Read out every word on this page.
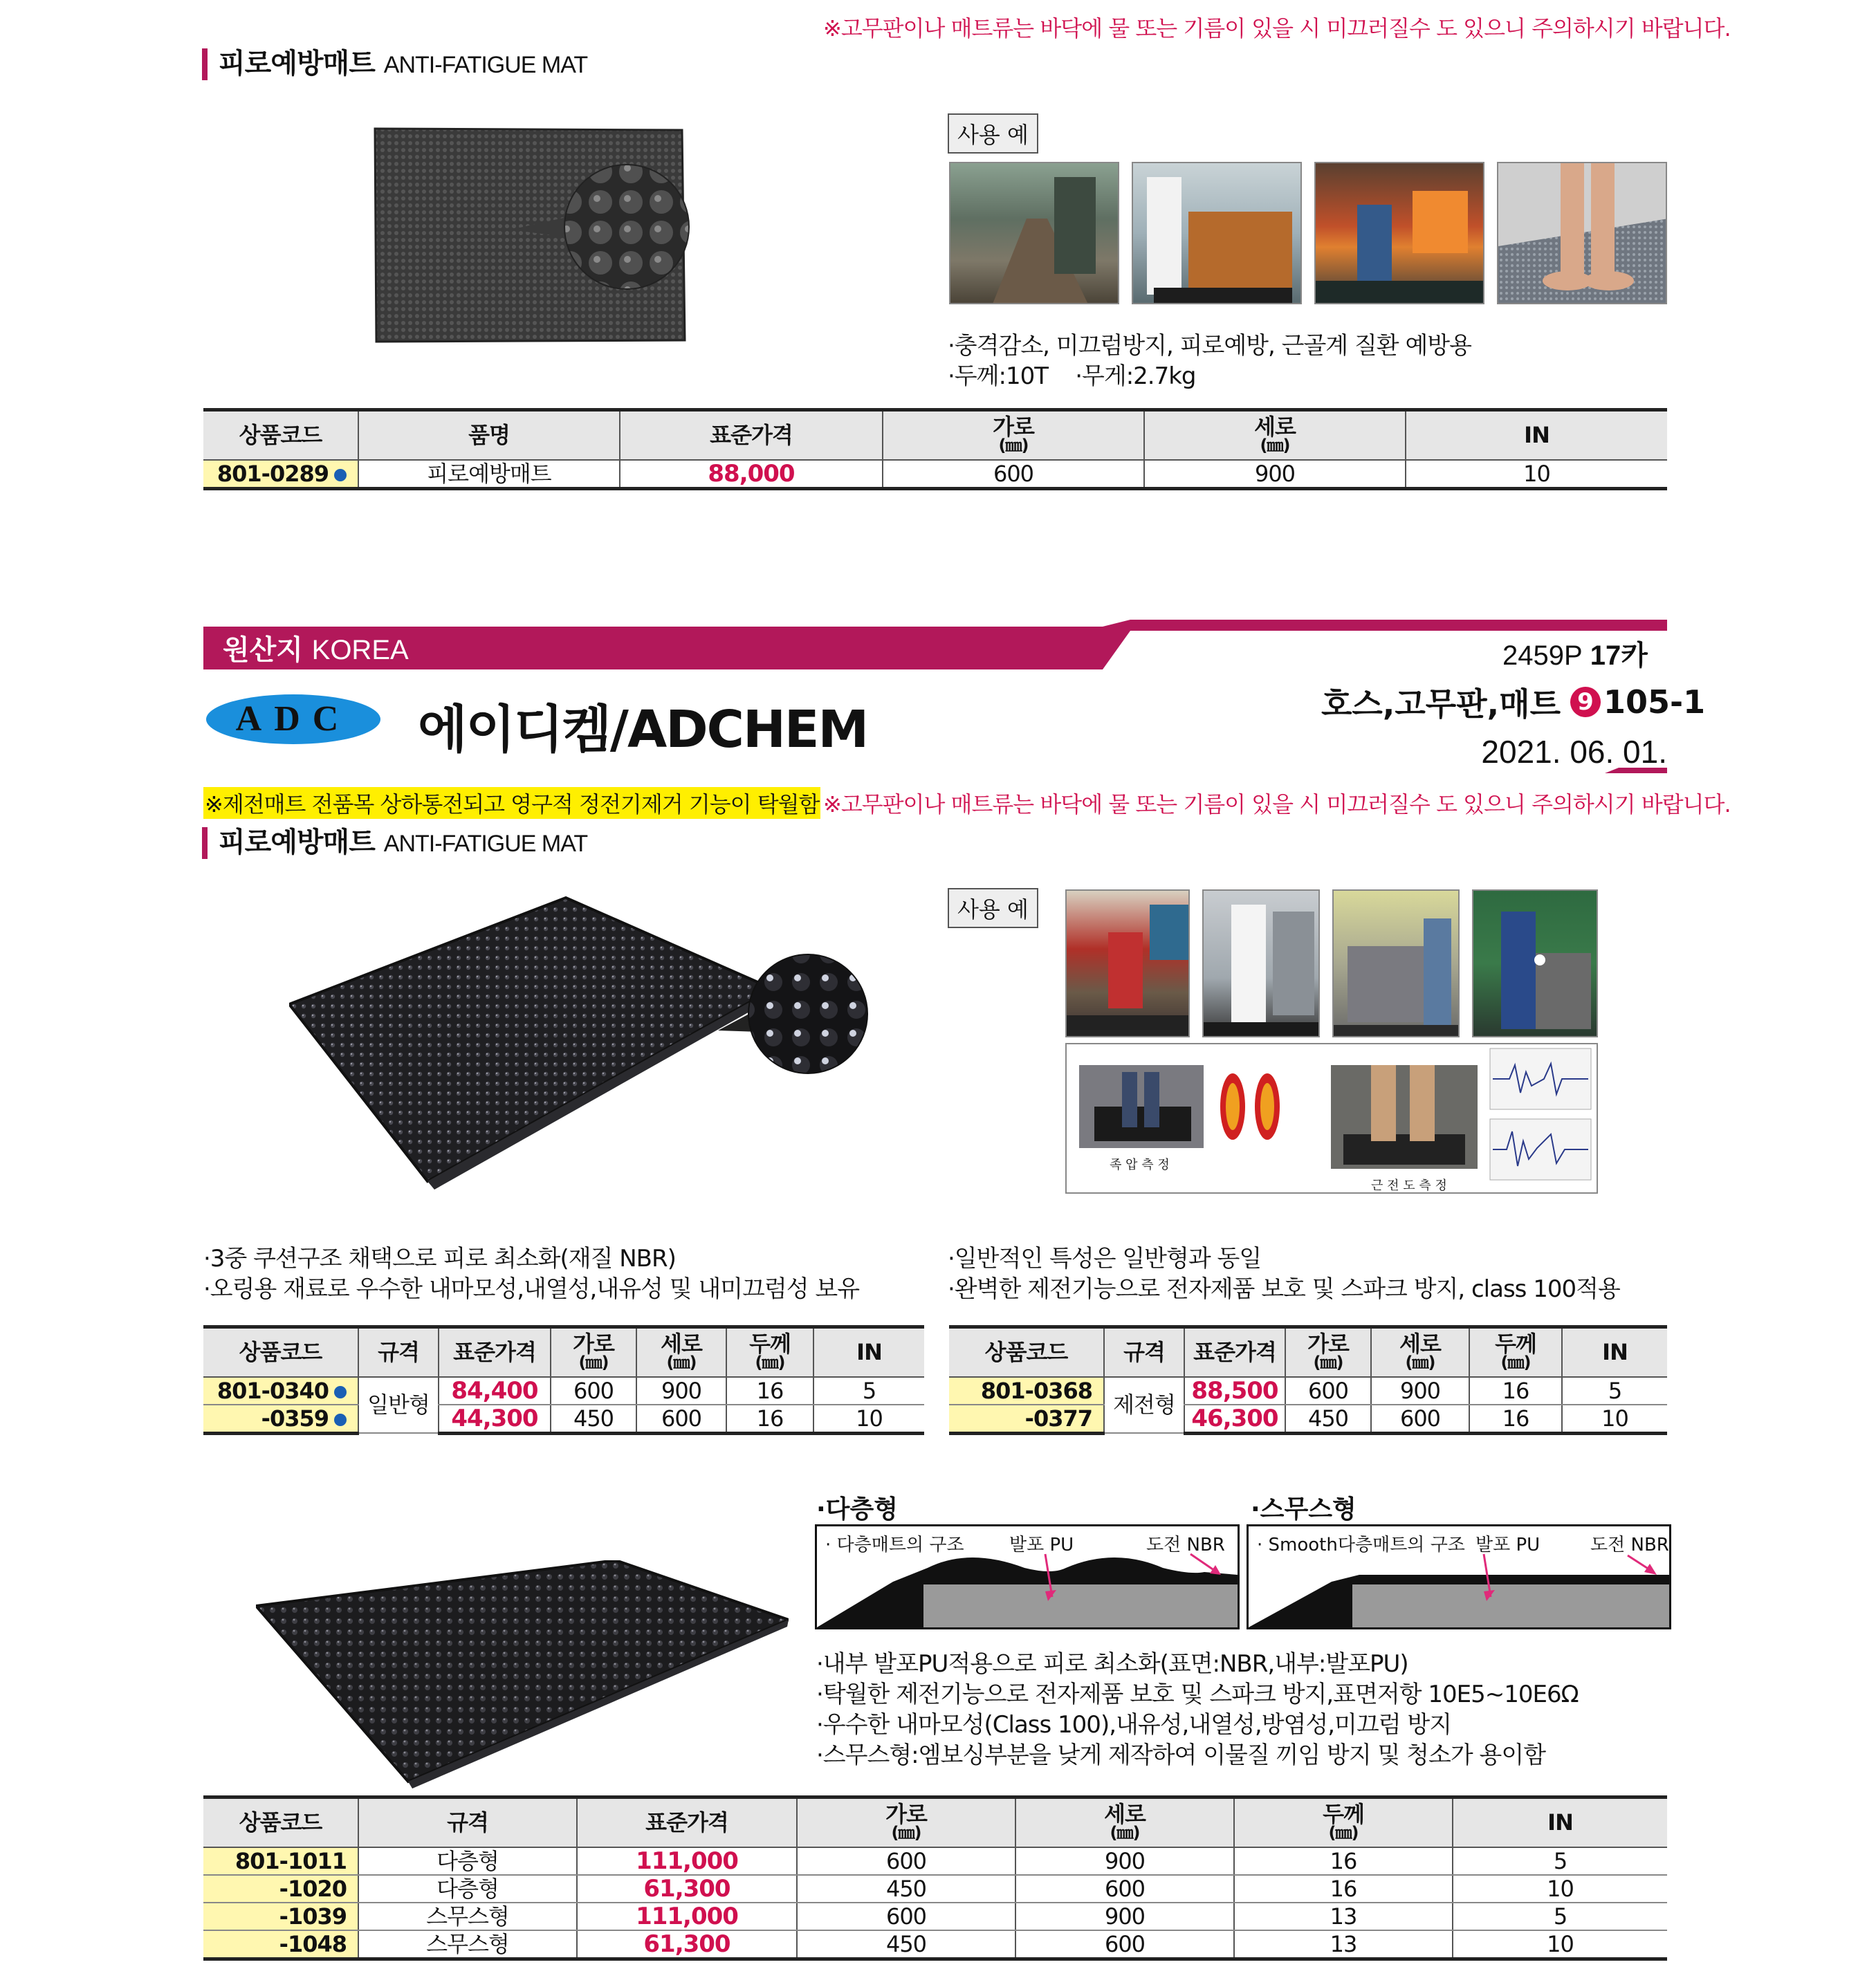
※고무판이나 매트류는 바닥에 물 또는 기름이 있을 시 미끄러질수 도 있으니 주의하시기 바랍니다.
피로예방매트 ANTI-FATIGUE MAT
사용 예
·충격감소, 미끄럼방지, 피로예방, 근골계 질환 예방용
·두께:10T    ·무게:2.7kg
상품코드	품명	표준가격	가로
(㎜)	세로
(㎜)	IN
801-0289	피로예방매트	88,000	600	900	10
원산지 KOREA	2459P 17카
ADC 에이디켐/ADCHEM	호스,고무판,매트 9 105-1
2021. 06. 01.
※제전매트 전품목 상하통전되고 영구적 정전기제거 기능이 탁월함 ※고무판이나 매트류는 바닥에 물 또는 기름이 있을 시 미끄러질수 도 있으니 주의하시기 바랍니다.
피로예방매트 ANTI-FATIGUE MAT
사용 예
족 압 측 정
근 전 도 측 정
·3중 쿠션구조 채택으로 피로 최소화(재질 NBR)
·오링용 재료로 우수한 내마모성,내열성,내유성 및 내미끄럼성 보유
·일반적인 특성은 일반형과 동일
·완벽한 제전기능으로 전자제품 보호 및 스파크 방지, class 100적용
상품코드	규격	표준가격	가로
(㎜)	세로
(㎜)	두께
(㎜)	IN
801-0340	일반형	84,400	600	900	16	5
-0359		44,300	450	600	16	10
상품코드	규격	표준가격	가로
(㎜)	세로
(㎜)	두께
(㎜)	IN
801-0368	제전형	88,500	600	900	16	5
-0377		46,300	450	600	16	10
·다층형	·스무스형
· 다층매트의 구조	발포 PU	도전 NBR · Smooth다층매트의 구조 발포 PU	도전 NBR
·내부 발포PU적용으로 피로 최소화(표면:NBR,내부:발포PU)
·탁월한 제전기능으로 전자제품 보호 및 스파크 방지,표면저항 10E5~10E6Ω
·우수한 내마모성(Class 100),내유성,내열성,방염성,미끄럼 방지
·스무스형:엠보싱부분을 낮게 제작하여 이물질 끼임 방지 및 청소가 용이함
상품코드	규격	표준가격	가로
(㎜)	세로
(㎜)	두께
(㎜)	IN
801-1011	다층형	111,000	600	900	16	5
-1020	다층형	61,300	450	600	16	10
-1039	스무스형	111,000	600	900	13	5
-1048	스무스형	61,300	450	600	13	10
